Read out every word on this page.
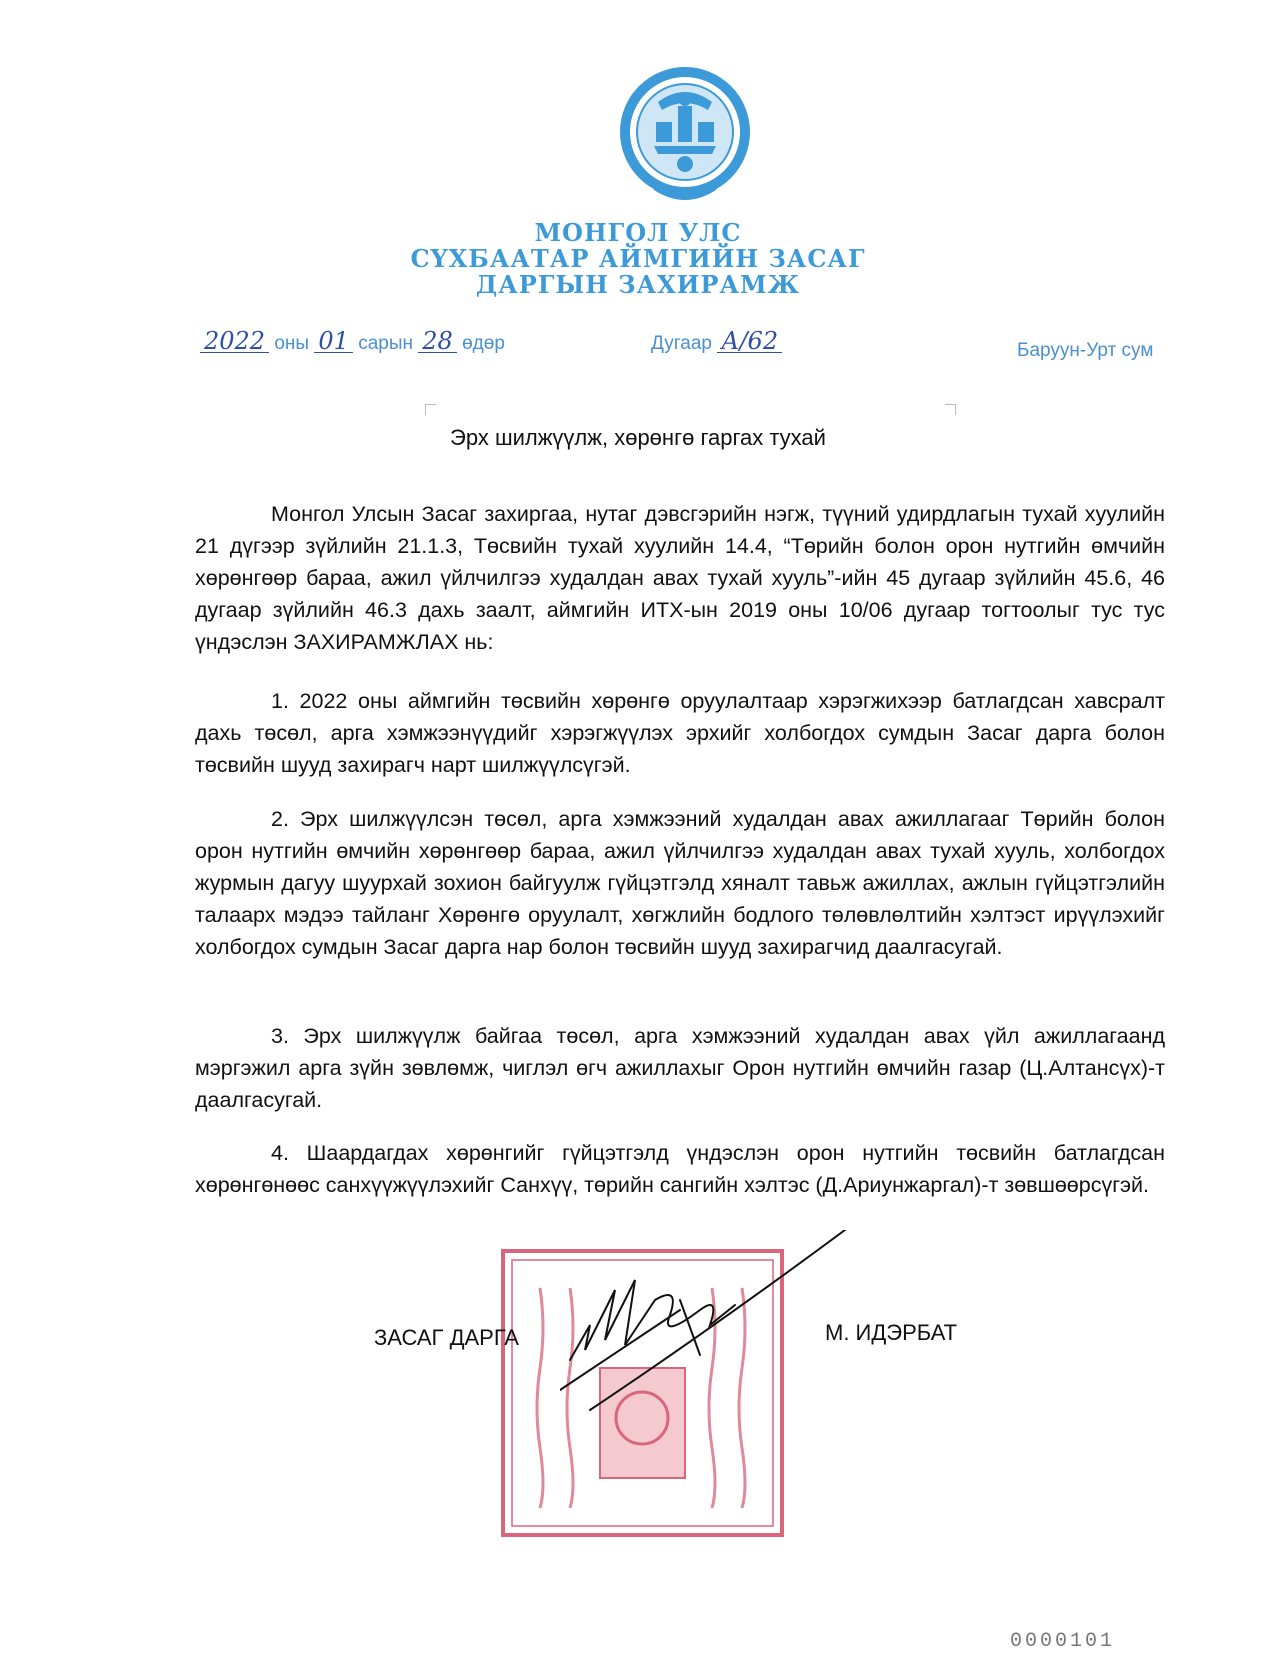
МОНГОЛ УЛС
СҮХБААТАР АЙМГИЙН ЗАСАГ
ДАРГЫН ЗАХИРАМЖ
2022 оны 01 сарын 28 өдөр	Дугаар А/62	Баруун-Урт сум
Эрх шилжүүлж, хөрөнгө гаргах тухай

Монгол Улсын Засаг захиргаа, нутаг дэвсгэрийн нэгж, түүний удирдлагын тухай хуулийн 21 дүгээр зүйлийн 21.1.3, Төсвийн тухай хуулийн 14.4, “Төрийн болон орон нутгийн өмчийн хөрөнгөөр бараа, ажил үйлчилгээ худалдан авах тухай хууль”-ийн 45 дугаар зүйлийн 45.6, 46 дугаар зүйлийн 46.3 дахь заалт, аймгийн ИТХ-ын 2019 оны 10/06 дугаар тогтоолыг тус тус үндэслэн ЗАХИРАМЖЛАХ нь:

1. 2022 оны аймгийн төсвийн хөрөнгө оруулалтаар хэрэгжихээр батлагдсан хавсралт дахь төсөл, арга хэмжээнүүдийг хэрэгжүүлэх эрхийг холбогдох сумдын Засаг дарга болон төсвийн шууд захирагч нарт шилжүүлсүгэй.

2. Эрх шилжүүлсэн төсөл, арга хэмжээний худалдан авах ажиллагааг Төрийн болон орон нутгийн өмчийн хөрөнгөөр бараа, ажил үйлчилгээ худалдан авах тухай хууль, холбогдох журмын дагуу шуурхай зохион байгуулж гүйцэтгэлд хяналт тавьж ажиллах, ажлын гүйцэтгэлийн талаарх мэдээ тайланг Хөрөнгө оруулалт, хөгжлийн бодлого төлөвлөлтийн хэлтэст ирүүлэхийг холбогдох сумдын Засаг дарга нар болон төсвийн шууд захирагчид даалгасугай.

3. Эрх шилжүүлж байгаа төсөл, арга хэмжээний худалдан авах үйл ажиллагаанд мэргэжил арга зүйн зөвлөмж, чиглэл өгч ажиллахыг Орон нутгийн өмчийн газар (Ц.Алтансүх)-т даалгасугай.

4. Шаардагдах хөрөнгийг гүйцэтгэлд үндэслэн орон нутгийн төсвийн батлагдсан хөрөнгөнөөс санхүүжүүлэхийг Санхүү, төрийн сангийн хэлтэс (Д.Ариунжаргал)-т зөвшөөрсүгэй.

ЗАСАГ ДАРГА	М. ИДЭРБАТ
0000101
